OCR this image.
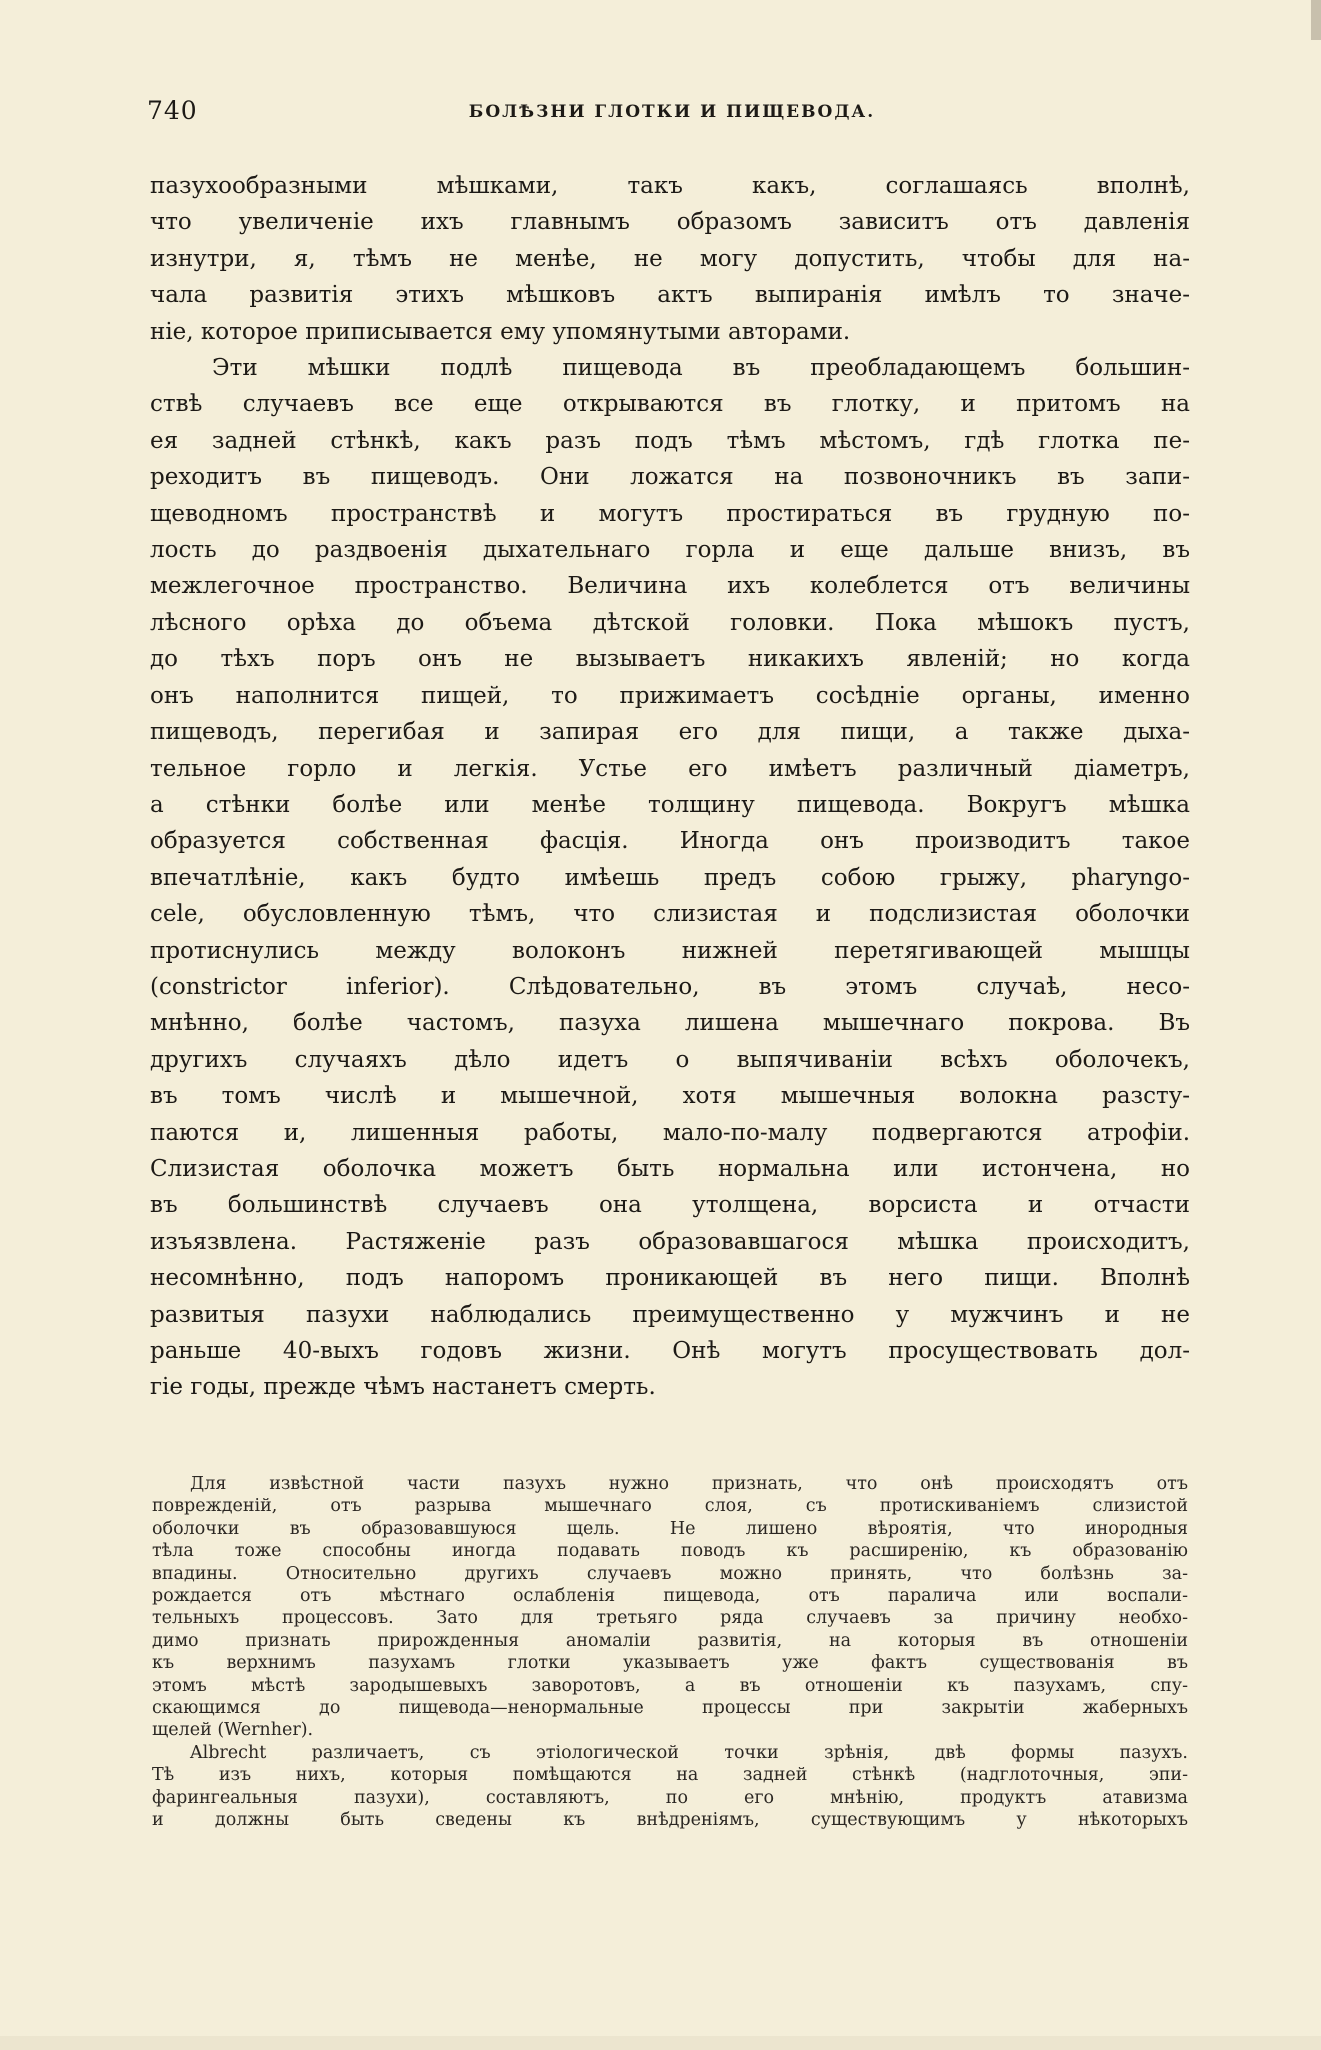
740	БОЛѢЗНИ ГЛОТКИ И ПИЩЕВОДА.

пазухообразными мѣшками, такъ какъ, соглашаясь вполнѣ,
что увеличеніе ихъ главнымъ образомъ зависитъ отъ давленія
изнутри, я, тѣмъ не менѣе, не могу допустить, чтобы для на-
чала развитія этихъ мѣшковъ актъ выпиранія имѣлъ то значе-
ніе, которое приписывается ему упомянутыми авторами.

Эти мѣшки подлѣ пищевода въ преобладающемъ большин-
ствѣ случаевъ все еще открываются въ глотку, и притомъ на
ея задней стѣнкѣ, какъ разъ подъ тѣмъ мѣстомъ, гдѣ глотка пе-
реходитъ въ пищеводъ. Они ложатся на позвоночникъ въ запи-
щеводномъ пространствѣ и могутъ простираться въ грудную по-
лость до раздвоенія дыхательнаго горла и еще дальше внизъ, въ
межлегочное пространство. Величина ихъ колеблется отъ величины
лѣсного орѣха до объема дѣтской головки. Пока мѣшокъ пустъ,
до тѣхъ поръ онъ не вызываетъ никакихъ явленій; но когда
онъ наполнится пищей, то прижимаетъ сосѣдніе органы, именно
пищеводъ, перегибая и запирая его для пищи, а также дыха-
тельное горло и легкія. Устье его имѣетъ различный діаметръ,
а стѣнки болѣе или менѣе толщину пищевода. Вокругъ мѣшка
образуется собственная фасція. Иногда онъ производитъ такое
впечатлѣніе, какъ будто имѣешь предъ собою грыжу, pharyngo-
cele, обусловленную тѣмъ, что слизистая и подслизистая оболочки
протиснулись между волоконъ нижней перетягивающей мышцы
(constrictor inferior). Слѣдовательно, въ этомъ случаѣ, несо-
мнѣнно, болѣе частомъ, пазуха лишена мышечнаго покрова. Въ
другихъ случаяхъ дѣло идетъ о выпячиваніи всѣхъ оболочекъ,
въ томъ числѣ и мышечной, хотя мышечныя волокна разсту-
паются и, лишенныя работы, мало-по-малу подвергаются атрофіи.
Слизистая оболочка можетъ быть нормальна или истончена, но
въ большинствѣ случаевъ она утолщена, ворсиста и отчасти
изъязвлена. Растяженіе разъ образовавшагося мѣшка происходитъ,
несомнѣнно, подъ напоромъ проникающей въ него пищи. Вполнѣ
развитыя пазухи наблюдались преимущественно у мужчинъ и не
раньше 40-выхъ годовъ жизни. Онѣ могутъ просуществовать дол-
гіе годы, прежде чѣмъ настанетъ смерть.

Для извѣстной части пазухъ нужно признать, что онѣ происходятъ отъ
поврежденій, отъ разрыва мышечнаго слоя, съ протискиваніемъ слизистой
оболочки въ образовавшуюся щель. Не лишено вѣроятія, что инородныя
тѣла тоже способны иногда подавать поводъ къ расширенію, къ образованію
впадины. Относительно другихъ случаевъ можно принять, что болѣзнь за-
рождается отъ мѣстнаго ослабленія пищевода, отъ паралича или воспали-
тельныхъ процессовъ. Зато для третьяго ряда случаевъ за причину необхо-
димо признать прирожденныя аномаліи развитія, на которыя въ отношеніи
къ верхнимъ пазухамъ глотки указываетъ уже фактъ существованія въ
этомъ мѣстѣ зародышевыхъ заворотовъ, а въ отношеніи къ пазухамъ, спу-
скающимся до пищевода—ненормальные процессы при закрытіи жаберныхъ
щелей (Wernher).

Albrecht различаетъ, съ этіологической точки зрѣнія, двѣ формы пазухъ.
Тѣ изъ нихъ, которыя помѣщаются на задней стѣнкѣ (надглоточныя, эпи-
фарингеальныя пазухи), составляютъ, по его мнѣнію, продуктъ атавизма
и должны быть сведены къ внѣдреніямъ, существующимъ у нѣкоторыхъ
